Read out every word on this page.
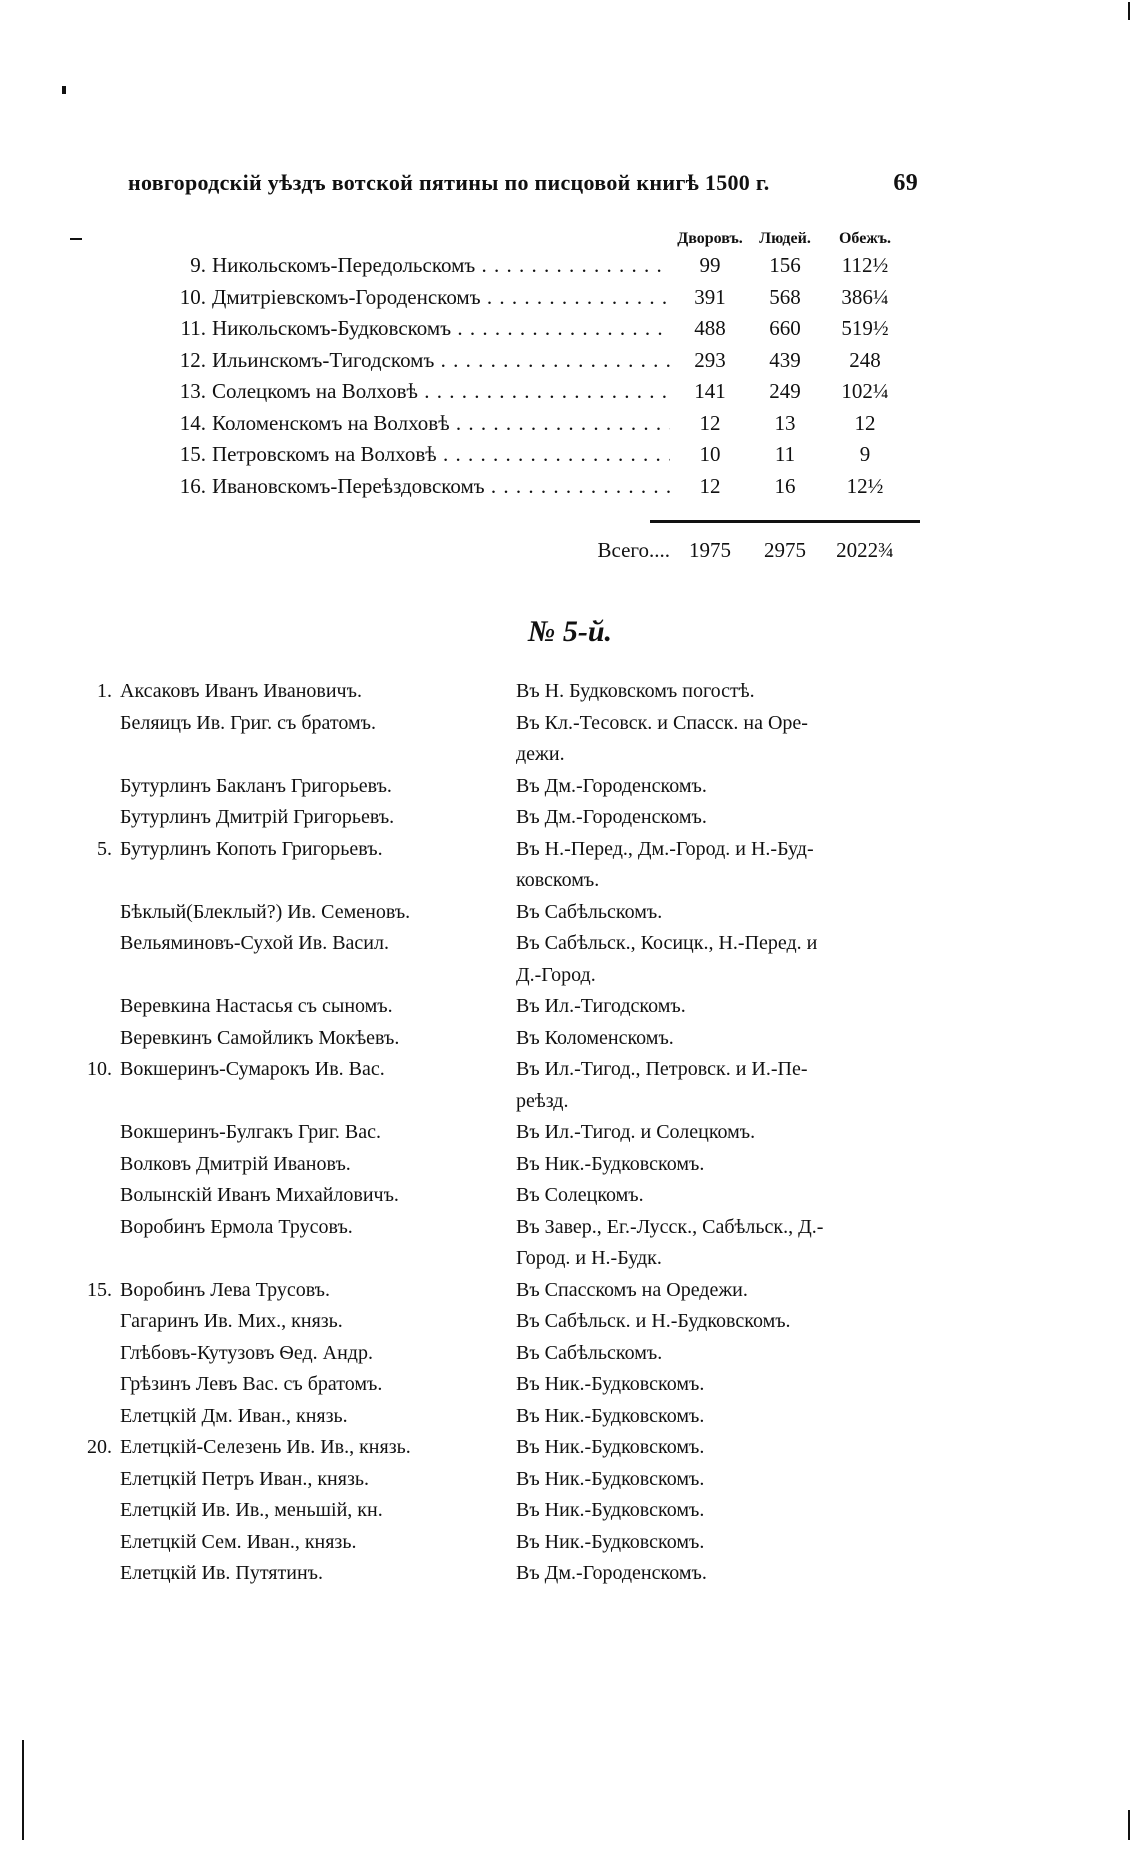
новгородскій уѣздъ вотской пятины по писцовой книгѣ 1500 г.	69
Дворовъ.	Людей.	Обежъ.
9. Никольскомъ-Передольскомъ . . .	99	156	112½
10. Дмитріевскомъ-Городенскомъ . . .	391	568	386¼
11. Никольскомъ-Будковскомъ . . .	488	660	519½
12. Ильинскомъ-Тигодскомъ . . .	293	439	248
13. Солецкомъ на Волховѣ . . .	141	249	102¼
14. Коломенскомъ на Волховѣ . . .	12	13	12
15. Петровскомъ на Волховѣ . . .	10	11	9
16. Ивановскомъ-Переѣздовскомъ . . .	12	16	12½
Всего.... 1975	2975	2022¾
№ 5-й.
1. Аксаковъ Иванъ Ивановичъ.	Въ Н. Будковскомъ погостѣ.
Беляицъ Ив. Григ. съ братомъ.	Въ Кл.-Тесовск. и Спасск. на Оре-
дежи.
Бутурлинъ Бакланъ Григорьевъ.	Въ Дм.-Городенскомъ.
Бутурлинъ Дмитрій Григорьевъ.	Въ Дм.-Городенскомъ.
5. Бутурлинъ Копоть Григорьевъ.	Въ Н.-Перед., Дм.-Город. и Н.-Буд-
ковскомъ.
Бѣклый(Блеклый?) Ив. Семеновъ.	Въ Сабѣльскомъ.
Вельяминовъ-Сухой Ив. Васил.	Въ Сабѣльск., Косицк., Н.-Перед. и
Д.-Город.
Веревкина Настасья съ сыномъ.	Въ Ил.-Тигодскомъ.
Веревкинъ Самойликъ Мокѣевъ.	Въ Коломенскомъ.
10. Вокшеринъ-Сумарокъ Ив. Вас.	Въ Ил.-Тигод., Петровск. и И.-Пе-
реѣзд.
Вокшеринъ-Булгакъ Григ. Вас.	Въ Ил.-Тигод. и Солецкомъ.
Волковъ Дмитрій Ивановъ.	Въ Ник.-Будковскомъ.
Волынскій Иванъ Михайловичъ.	Въ Солецкомъ.
Воробинъ Ермола Трусовъ.	Въ Завер., Ег.-Лусск., Сабѣльск., Д.-
Город. и Н.-Будк.
15. Воробинъ Лева Трусовъ.	Въ Спасскомъ на Оредежи.
Гагаринъ Ив. Мих., князь.	Въ Сабѣльск. и Н.-Будковскомъ.
Глѣбовъ-Кутузовъ Ѳед. Андр.	Въ Сабѣльскомъ.
Грѣзинъ Левъ Вас. съ братомъ.	Въ Ник.-Будковскомъ.
Елетцкій Дм. Иван., князь.	Въ Ник.-Будковскомъ.
20. Елетцкій-Селезень Ив. Ив., князь.	Въ Ник.-Будковскомъ.
Елетцкій Петръ Иван., князь.	Въ Ник.-Будковскомъ.
Елетцкій Ив. Ив., меньшій, кн.	Въ Ник.-Будковскомъ.
Елетцкій Сем. Иван., князь.	Въ Ник.-Будковскомъ.
Елетцкій Ив. Путятинъ.	Въ Дм.-Городенскомъ.
